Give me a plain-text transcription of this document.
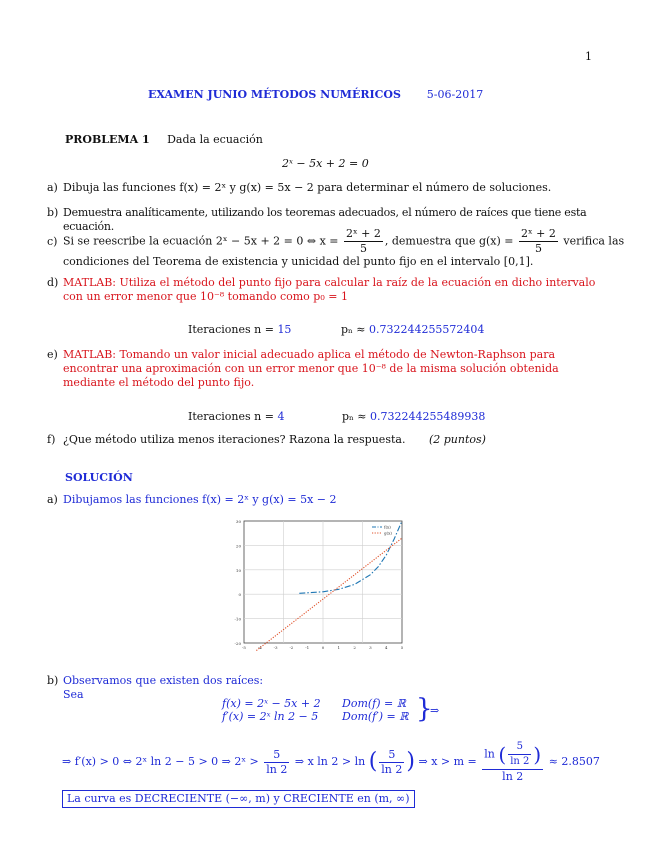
1
EXAMEN JUNIO MÉTODOS NUMÉRICOS 5-06-2017
PROBLEMA 1 Dada la ecuación
2ˣ − 5x + 2 = 0
a) Dibuja las funciones f(x) = 2ˣ y g(x) = 5x − 2 para determinar el número de soluciones.
b) Demuestra analíticamente, utilizando los teoremas adecuados, el número de raíces que tiene esta ecuación.
c) Si se reescribe la ecuación 2ˣ − 5x + 2 = 0 ⇔ $x = \frac{\text{2ˣ + 2}}{5}$ , demuestra que $g(x) = \frac{\text{2ˣ + 2}}{5}$ verifica las
condiciones del Teorema de existencia y unicidad del punto fijo en el intervalo [0,1].
d) MATLAB: Utiliza el método del punto fijo para calcular la raíz de la ecuación en dicho intervalo con un error menor que 10⁻⁸ tomando como p₀ = 1
Iteraciones n = 15	pₙ ≈ 0.732244255572404
e) MATLAB: Tomando un valor inicial adecuado aplica el método de Newton-Raphson para encontrar una aproximación con un error menor que 10⁻⁸ de la misma solución obtenida mediante el método del punto fijo.
Iteraciones n = 4	pₙ ≈ 0.732244255489938
f) ¿Que método utiliza menos iteraciones? Razona la respuesta. (2 puntos)
SOLUCIÓN
a) Dibujamos las funciones f(x) = 2ˣ y g(x) = 5x − 2
-20
-10
0
10
20
30
-5	-4	-3	-2	-1	0	1	2	3	4	5
f(x)
g(x)
b) Observamos que existen dos raíces:
Sea
f(x) = 2ˣ − 5x + 2 Dom(f) = ℝ
f′(x) = 2ˣ ln 2 − 5 Dom(f′) = ℝ }
⇒
⇒ f′(x) > 0 ⇔ 2ˣ ln 2 − 5 > 0 ⇒ 2ˣ > $\frac{5}{\ln 2}$ ⇒ x ln 2 > ln ( $\frac{5}{\ln 2}$ ) ⇒ $x > m = \frac{\ln ( \frac{5}{\ln 2} )}{\ln 2} \approx 2.8507$
La curva es DECRECIENTE (−∞, m) y CRECIENTE en (m, ∞)
